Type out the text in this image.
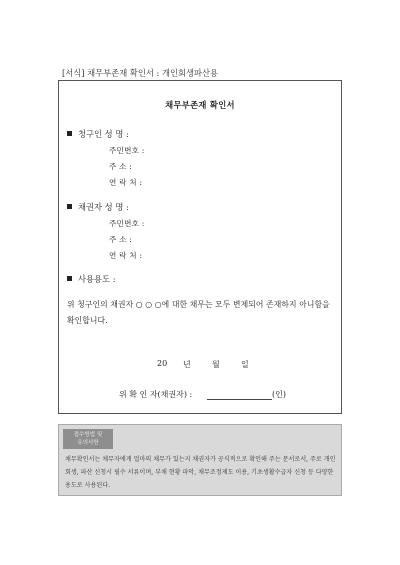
[서식] 채무부존재 확인서 : 개인회생파산용
채무부존재 확인서
청구인 성 명 :
주민번호 :
주 소 :
연 락 처 :
채권자 성 명 :
주민번호 :
주 소 :
연 락 처 :
사용용도 :
위 청구인의 채권자 ○ ○ ○에 대한 채무는 모두 변제되어 존재하지 아니함을 확인합니다.
20 년	월	일
위 확 인 자(채권자) :	(인)
접수방법 및
유의사항
채무확인서는 채무자에게 얼마의 채무가 있는지 채권자가 공식적으로 확인해 주는 문서로서, 주로 개인회생, 파산 신청시 필수 서류이며, 부채 현황 파악, 채무조정제도 이용, 기초생활수급자 신청 등 다양한 용도로 사용된다.
